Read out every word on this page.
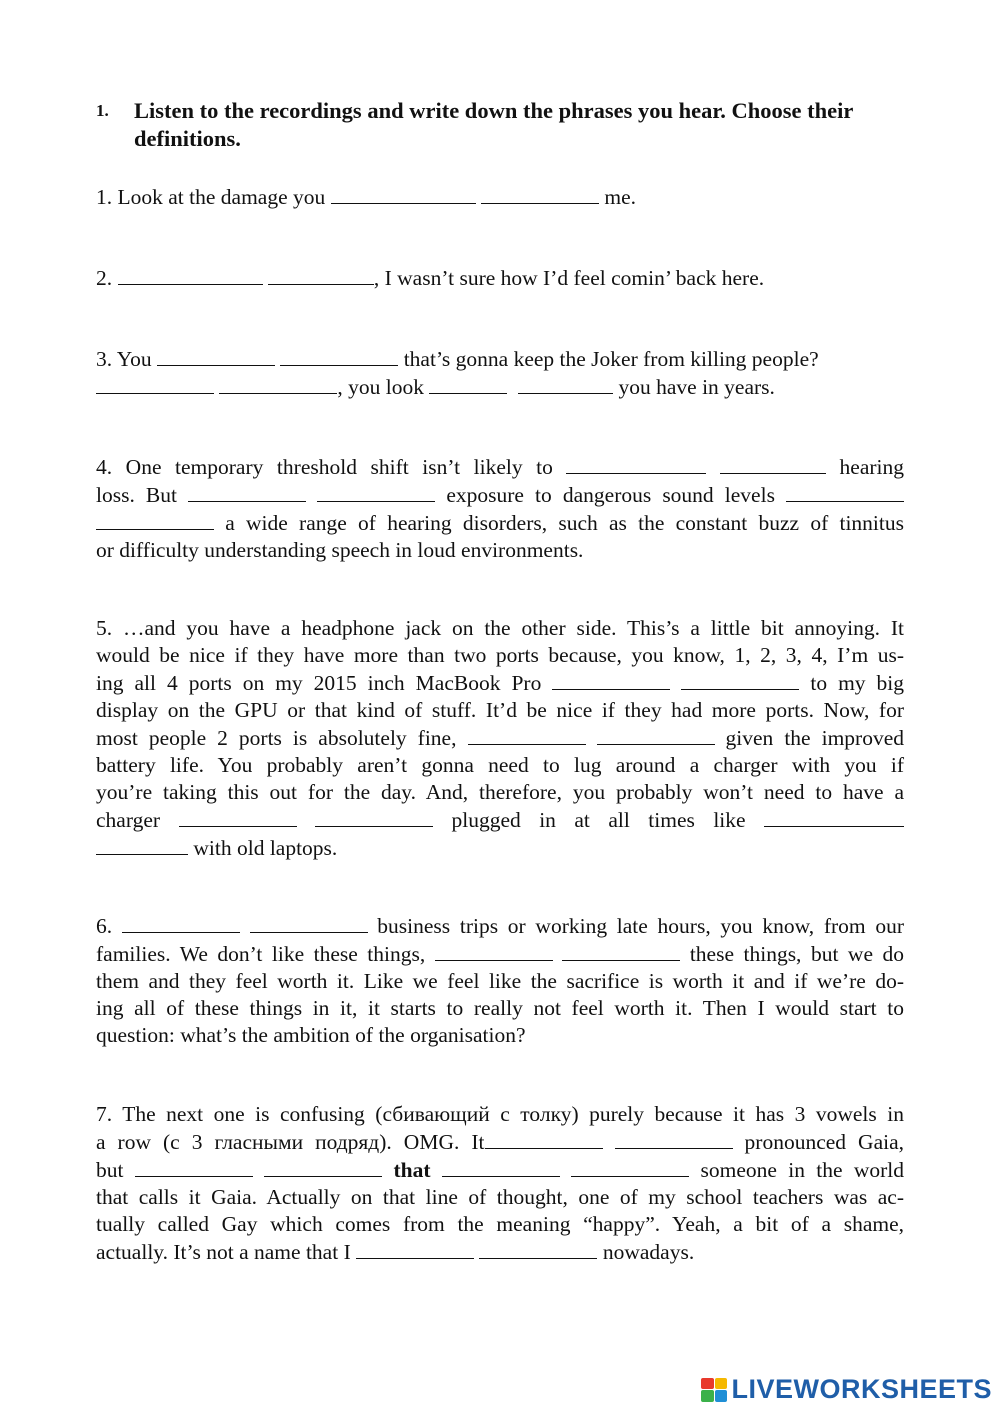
1. Listen to the recordings and write down the phrases you hear. Choose their definitions.
1. Look at the damage you	me.
2.	, I wasn’t sure how I’d feel comin’ back here.
3. You	that’s gonna keep the Joker from killing people?
, you look	you have in years.
4. One temporary threshold shift isn’t likely to	hearing
loss. But	exposure to dangerous sound levels
a wide range of hearing disorders, such as the constant buzz of tinnitus
or difficulty understanding speech in loud environments.
5. …and you have a headphone jack on the other side. This’s a little bit annoying. It
would be nice if they have more than two ports because, you know, 1, 2, 3, 4, I’m us-
ing all 4 ports on my 2015 inch MacBook Pro	to my big
display on the GPU or that kind of stuff. It’d be nice if they had more ports. Now, for
most people 2 ports is absolutely fine,	given the improved
battery life. You probably aren’t gonna need to lug around a charger with you if
you’re taking this out for the day. And, therefore, you probably won’t need to have a
charger	plugged in at all times like
with old laptops.
6.	business trips or working late hours, you know, from our
families. We don’t like these things,	these things, but we do
them and they feel worth it. Like we feel like the sacrifice is worth it and if we’re do-
ing all of these things in it, it starts to really not feel worth it. Then I would start to
question: what’s the ambition of the organisation?
7. The next one is confusing (сбивающий с толку) purely because it has 3 vowels in
a row (с 3 гласными подряд). OMG. It	pronounced Gaia,
but	that	someone in the world
that calls it Gaia. Actually on that line of thought, one of my school teachers was ac-
tually called Gay which comes from the meaning “happy”. Yeah, a bit of a shame,
actually. It’s not a name that I	nowadays.
LIVEWORKSHEETS
